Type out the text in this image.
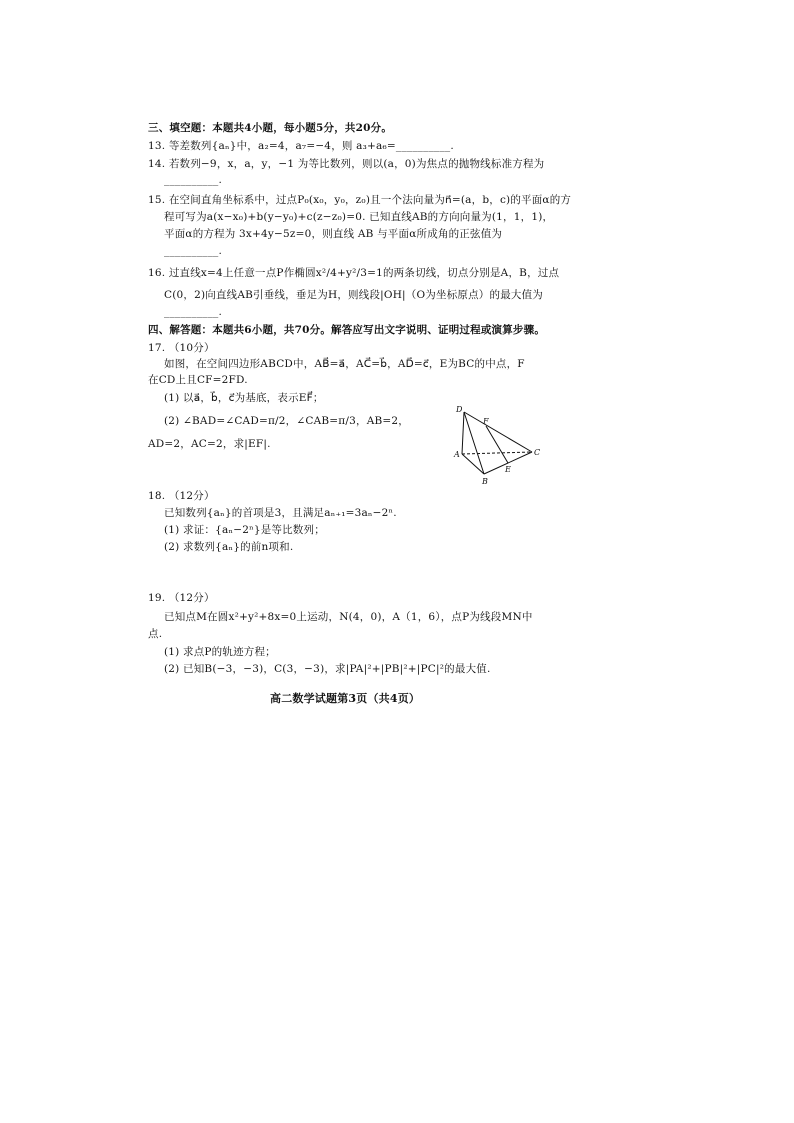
三、填空题：本题共4小题，每小题5分，共20分。
13. 等差数列{aₙ}中，a₂=4，a₇=−4，则 a₃+a₆=__________.
14. 若数列−9，x，a，y，−1 为等比数列，则以(a，0)为焦点的抛物线标准方程为
__________.
15. 在空间直角坐标系中，过点P₀(x₀，y₀，z₀)且一个法向量为n⃗=(a，b，c)的平面α的方
程可写为a(x−x₀)+b(y−y₀)+c(z−z₀)=0. 已知直线AB的方向向量为(1，1，1)，
平面α的方程为 3x+4y−5z=0，则直线 AB 与平面α所成角的正弦值为
__________.
16. 过直线x=4上任意一点P作椭圆x²/4+y²/3=1的两条切线，切点分别是A，B，过点
C(0，2)向直线AB引垂线，垂足为H，则线段|OH|（O为坐标原点）的最大值为
__________.
四、解答题：本题共6小题，共70分。解答应写出文字说明、证明过程或演算步骤。
17. （10分）
如图，在空间四边形ABCD中，AB⃗=a⃗，AC⃗=b⃗，AD⃗=c⃗，E为BC的中点，F
在CD上且CF=2FD.
(1) 以a⃗，b⃗，c⃗为基底，表示EF⃗；
(2) ∠BAD=∠CAD=π/2，∠CAB=π/3，AB=2，
AD=2，AC=2，求|EF|.
D
F
A	C
E
B
18. （12分）
已知数列{aₙ}的首项是3，且满足aₙ₊₁=3aₙ−2ⁿ.
(1) 求证：{aₙ−2ⁿ}是等比数列；
(2) 求数列{aₙ}的前n项和.
19. （12分）
已知点M在圆x²+y²+8x=0上运动，N(4，0)，A（1，6），点P为线段MN中
点.
(1) 求点P的轨迹方程；
(2) 已知B(−3，−3)，C(3，−3)，求|PA|²+|PB|²+|PC|²的最大值.
高二数学试题第3页（共4页）
